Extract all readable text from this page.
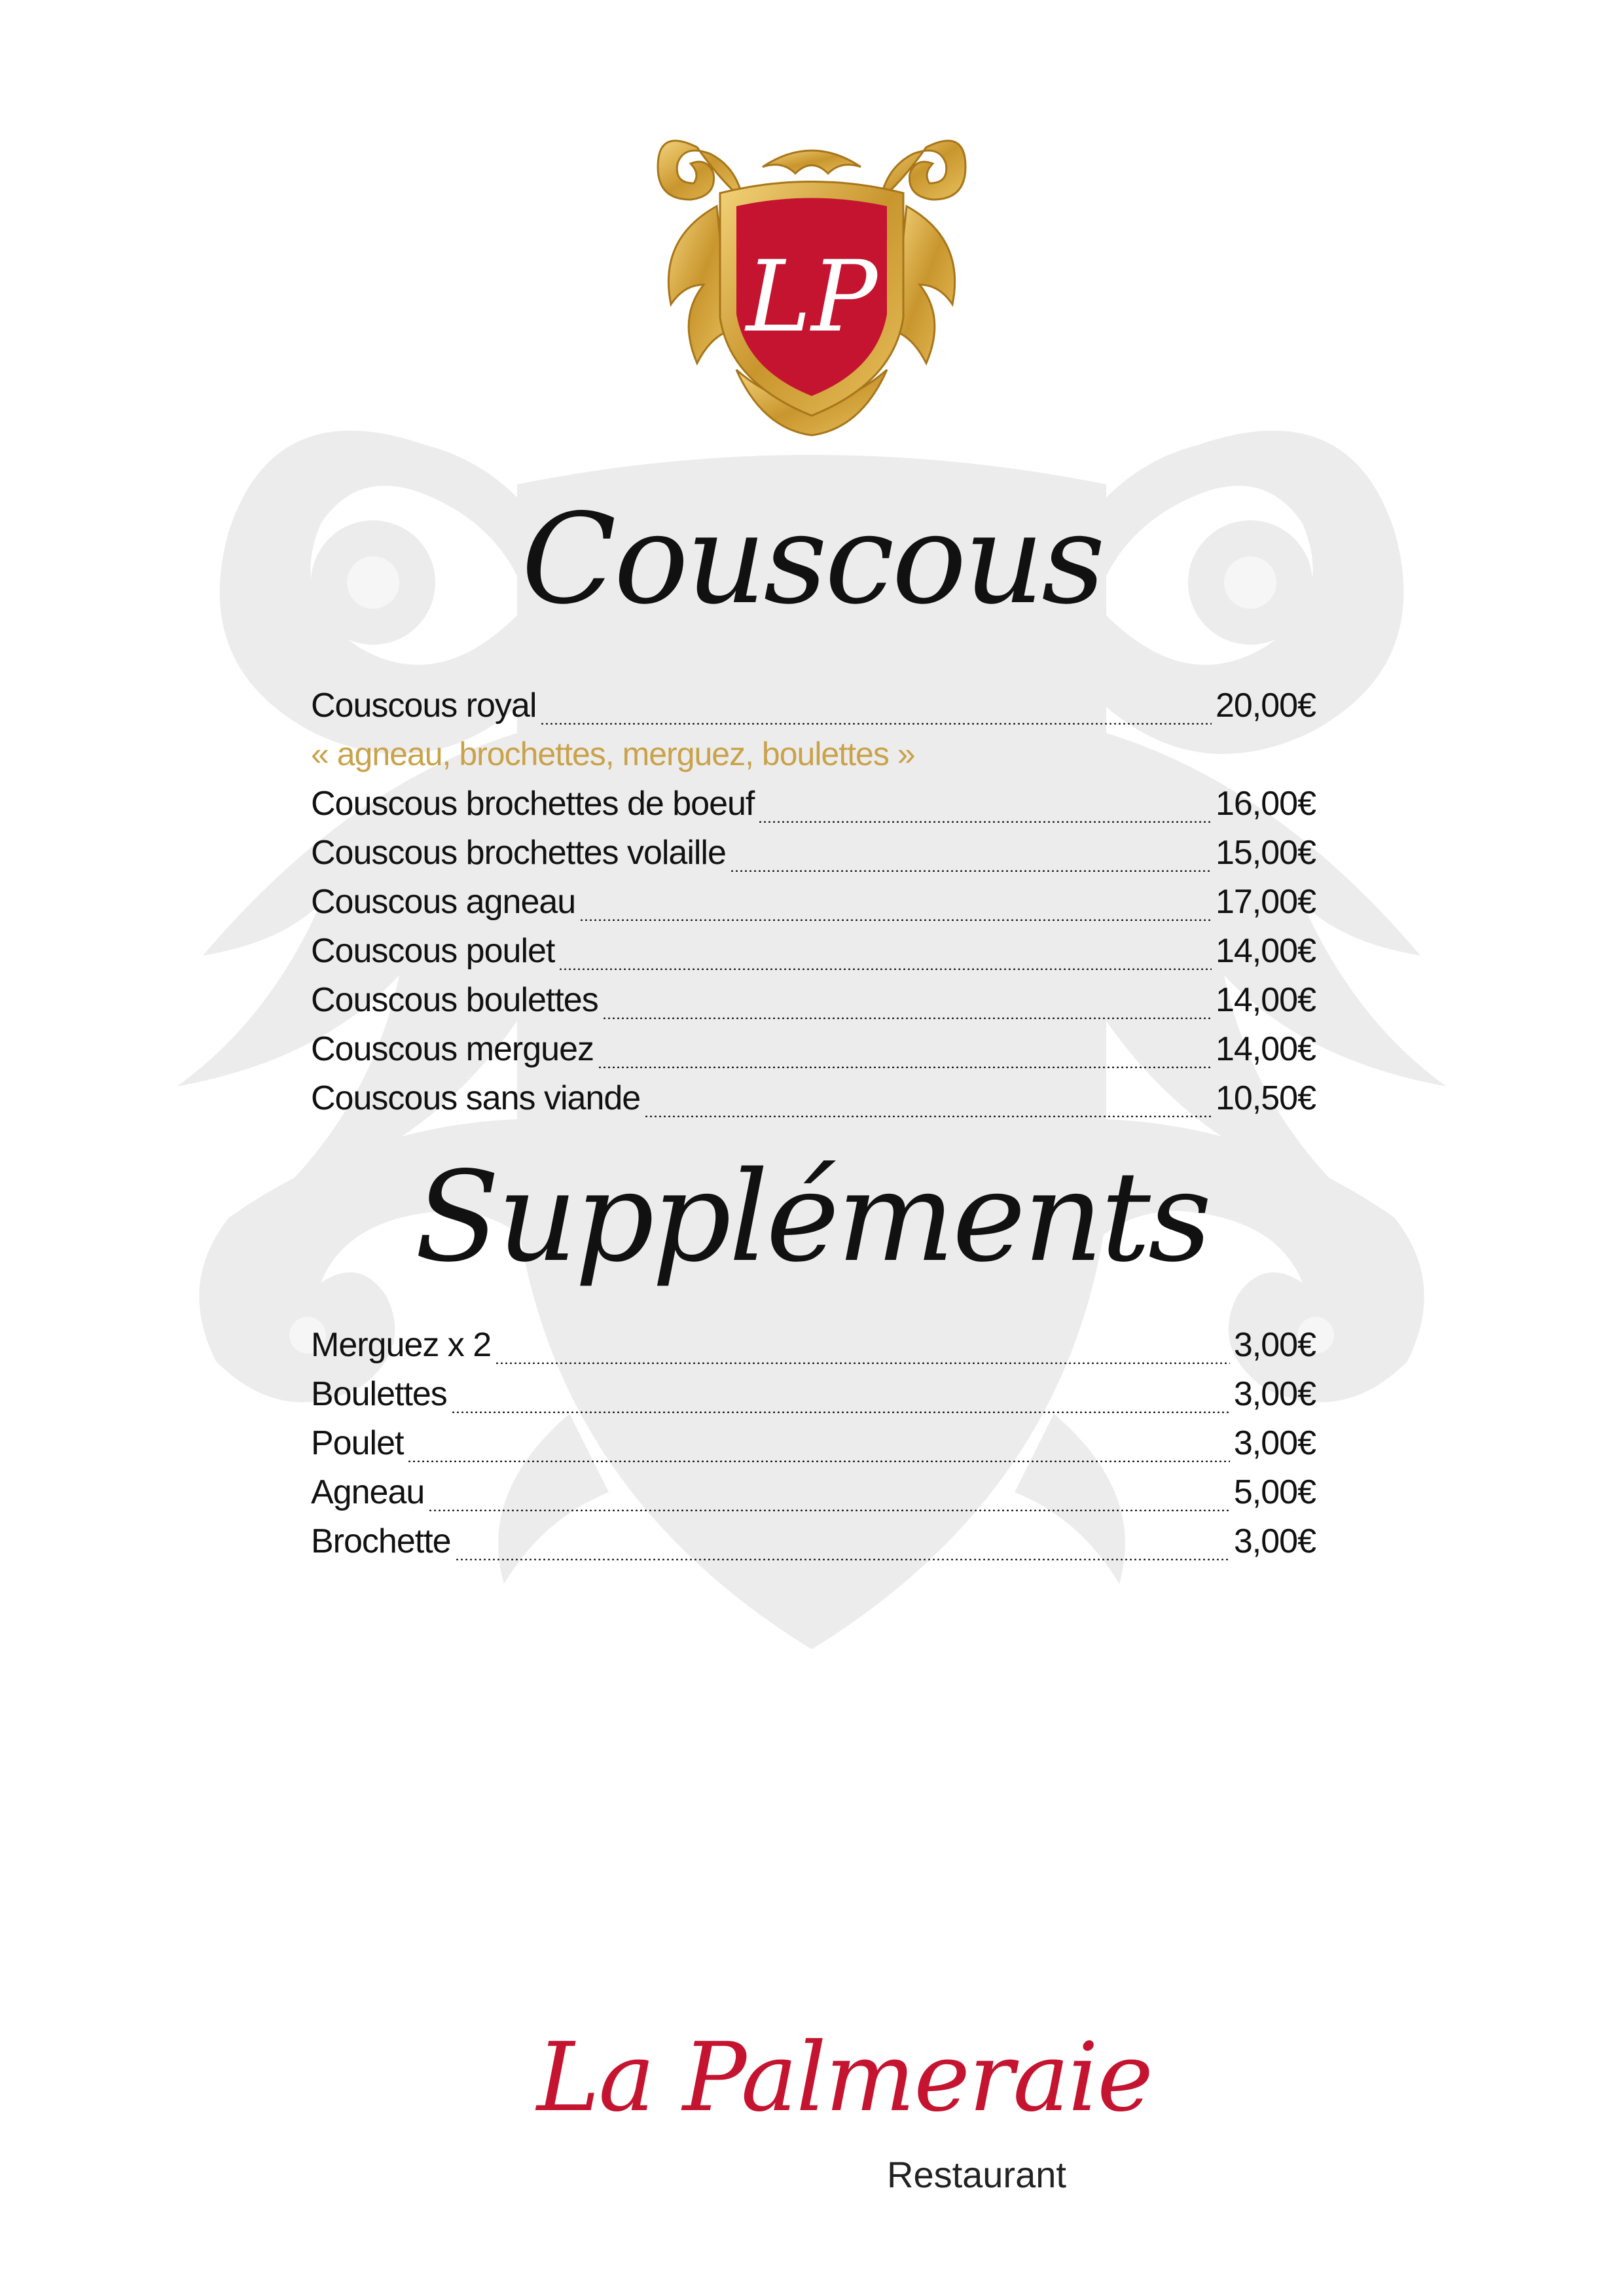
LP
Couscous
Couscous royal	20,00€
« agneau, brochettes, merguez, boulettes »
Couscous brochettes de boeuf	16,00€
Couscous brochettes volaille	15,00€
Couscous agneau	17,00€
Couscous poulet	14,00€
Couscous boulettes	14,00€
Couscous merguez	14,00€
Couscous sans viande	10,50€
Suppléments
Merguez x 2	3,00€
Boulettes	3,00€
Poulet	3,00€
Agneau	5,00€
Brochette	3,00€
La Palmeraie
Restaurant
